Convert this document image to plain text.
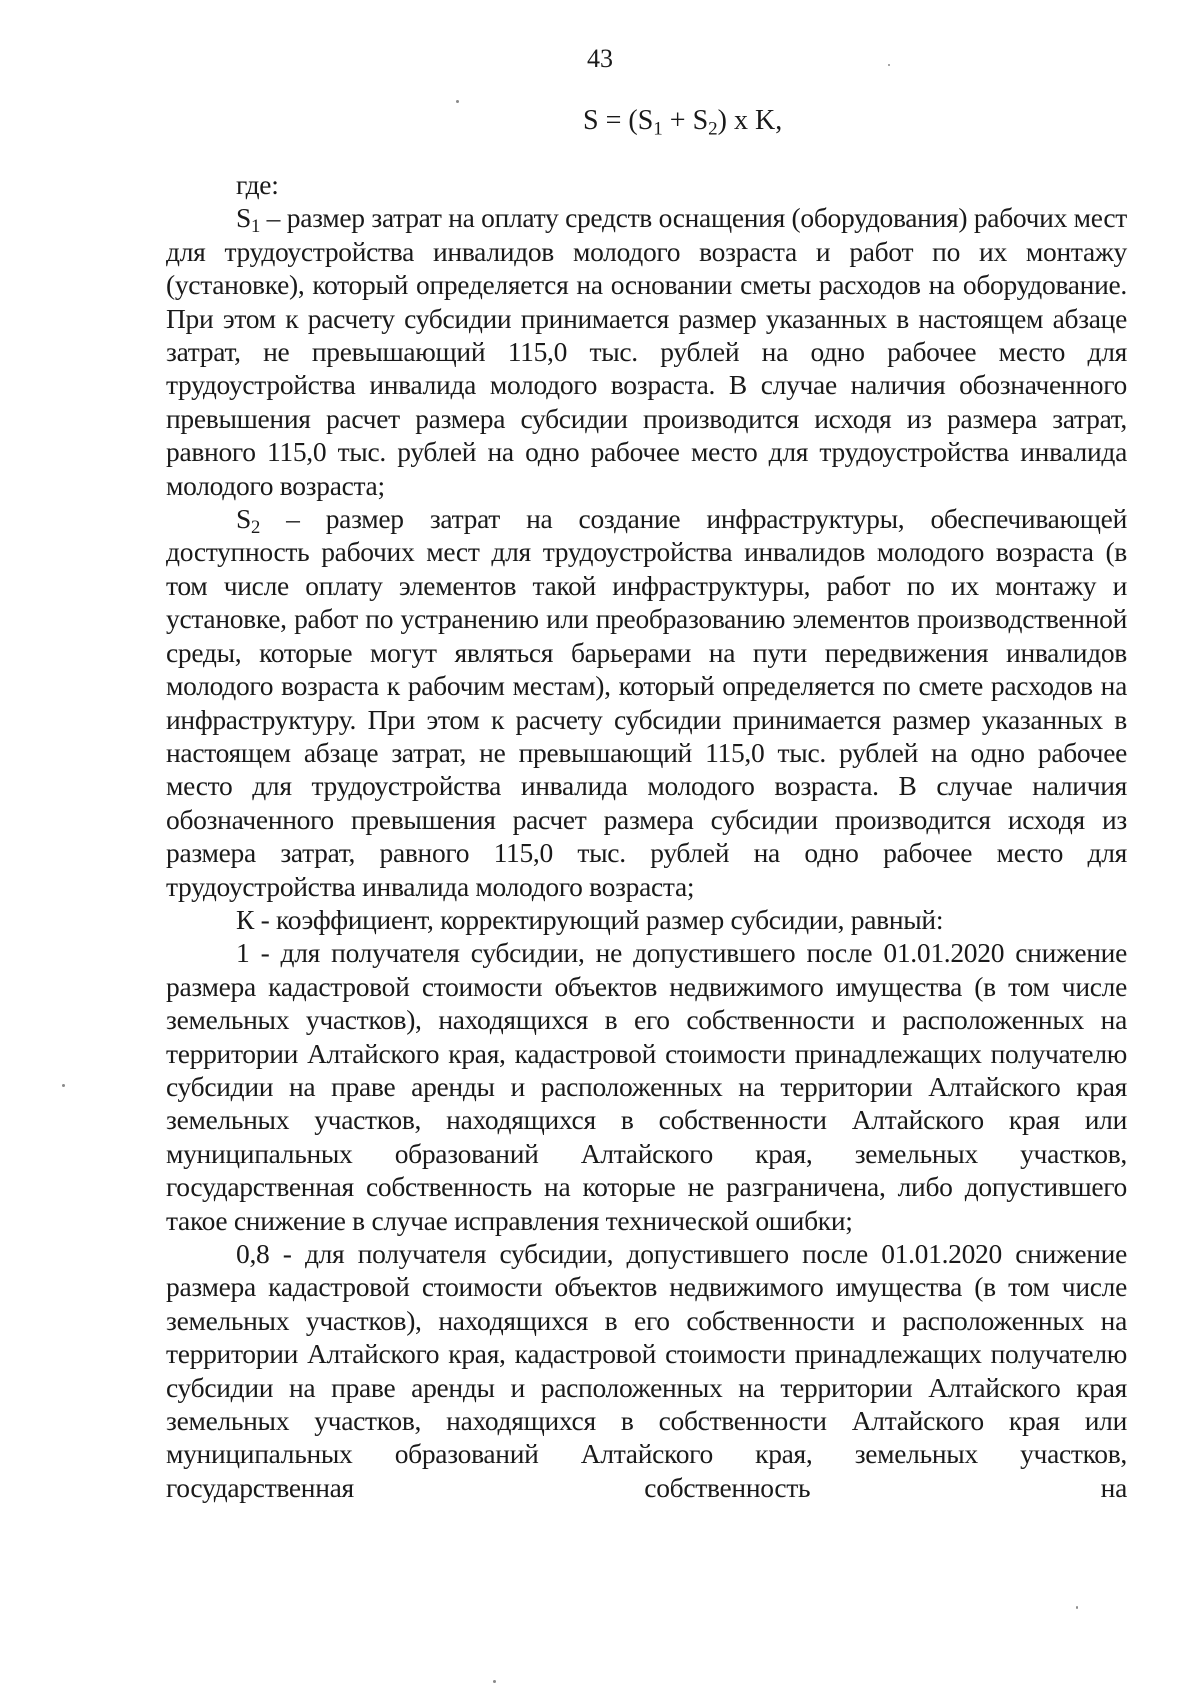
43
$S = (S_1 + S_2)$ x K,

где:

$S_1$ – размер затрат на оплату средств оснащения (оборудования) рабочих мест для трудоустройства инвалидов молодого возраста и работ по их монтажу (установке), который определяется на основании сметы расходов на оборудование. При этом к расчету субсидии принимается размер указанных в настоящем абзаце затрат, не превышающий 115,0 тыс. рублей на одно рабочее место для трудоустройства инвалида молодого возраста. В случае наличия обозначенного превышения расчет размера субсидии производится исходя из размера затрат, равного 115,0 тыс. рублей на одно рабочее место для трудоустройства инвалида молодого возраста;

$S_2$ – размер затрат на создание инфраструктуры, обеспечивающей доступность рабочих мест для трудоустройства инвалидов молодого возраста (в том числе оплату элементов такой инфраструктуры, работ по их монтажу и установке, работ по устранению или преобразованию элементов производственной среды, которые могут являться барьерами на пути передвижения инвалидов молодого возраста к рабочим местам), который определяется по смете расходов на инфраструктуру. При этом к расчету субсидии принимается размер указанных в настоящем абзаце затрат, не превышающий 115,0 тыс. рублей на одно рабочее место для трудоустройства инвалида молодого возраста. В случае наличия обозначенного превышения расчет размера субсидии производится исходя из размера затрат, равного 115,0 тыс. рублей на одно рабочее место для трудоустройства инвалида молодого возраста;

К - коэффициент, корректирующий размер субсидии, равный:

1 - для получателя субсидии, не допустившего после 01.01.2020 снижение размера кадастровой стоимости объектов недвижимого имущества (в том числе земельных участков), находящихся в его собственности и расположенных на территории Алтайского края, кадастровой стоимости принадлежащих получателю субсидии на праве аренды и расположенных на территории Алтайского края земельных участков, находящихся в собственности Алтайского края или муниципальных образований Алтайского края, земельных участков, государственная собственность на которые не разграничена, либо допустившего такое снижение в случае исправления технической ошибки;

0,8 - для получателя субсидии, допустившего после 01.01.2020 снижение размера кадастровой стоимости объектов недвижимого имущества (в том числе земельных участков), находящихся в его собственности и расположенных на территории Алтайского края, кадастровой стоимости принадлежащих получателю субсидии на праве аренды и расположенных на территории Алтайского края земельных участков, находящихся в собственности Алтайского края или муниципальных образований Алтайского края, земельных участков, государственная собственность на
